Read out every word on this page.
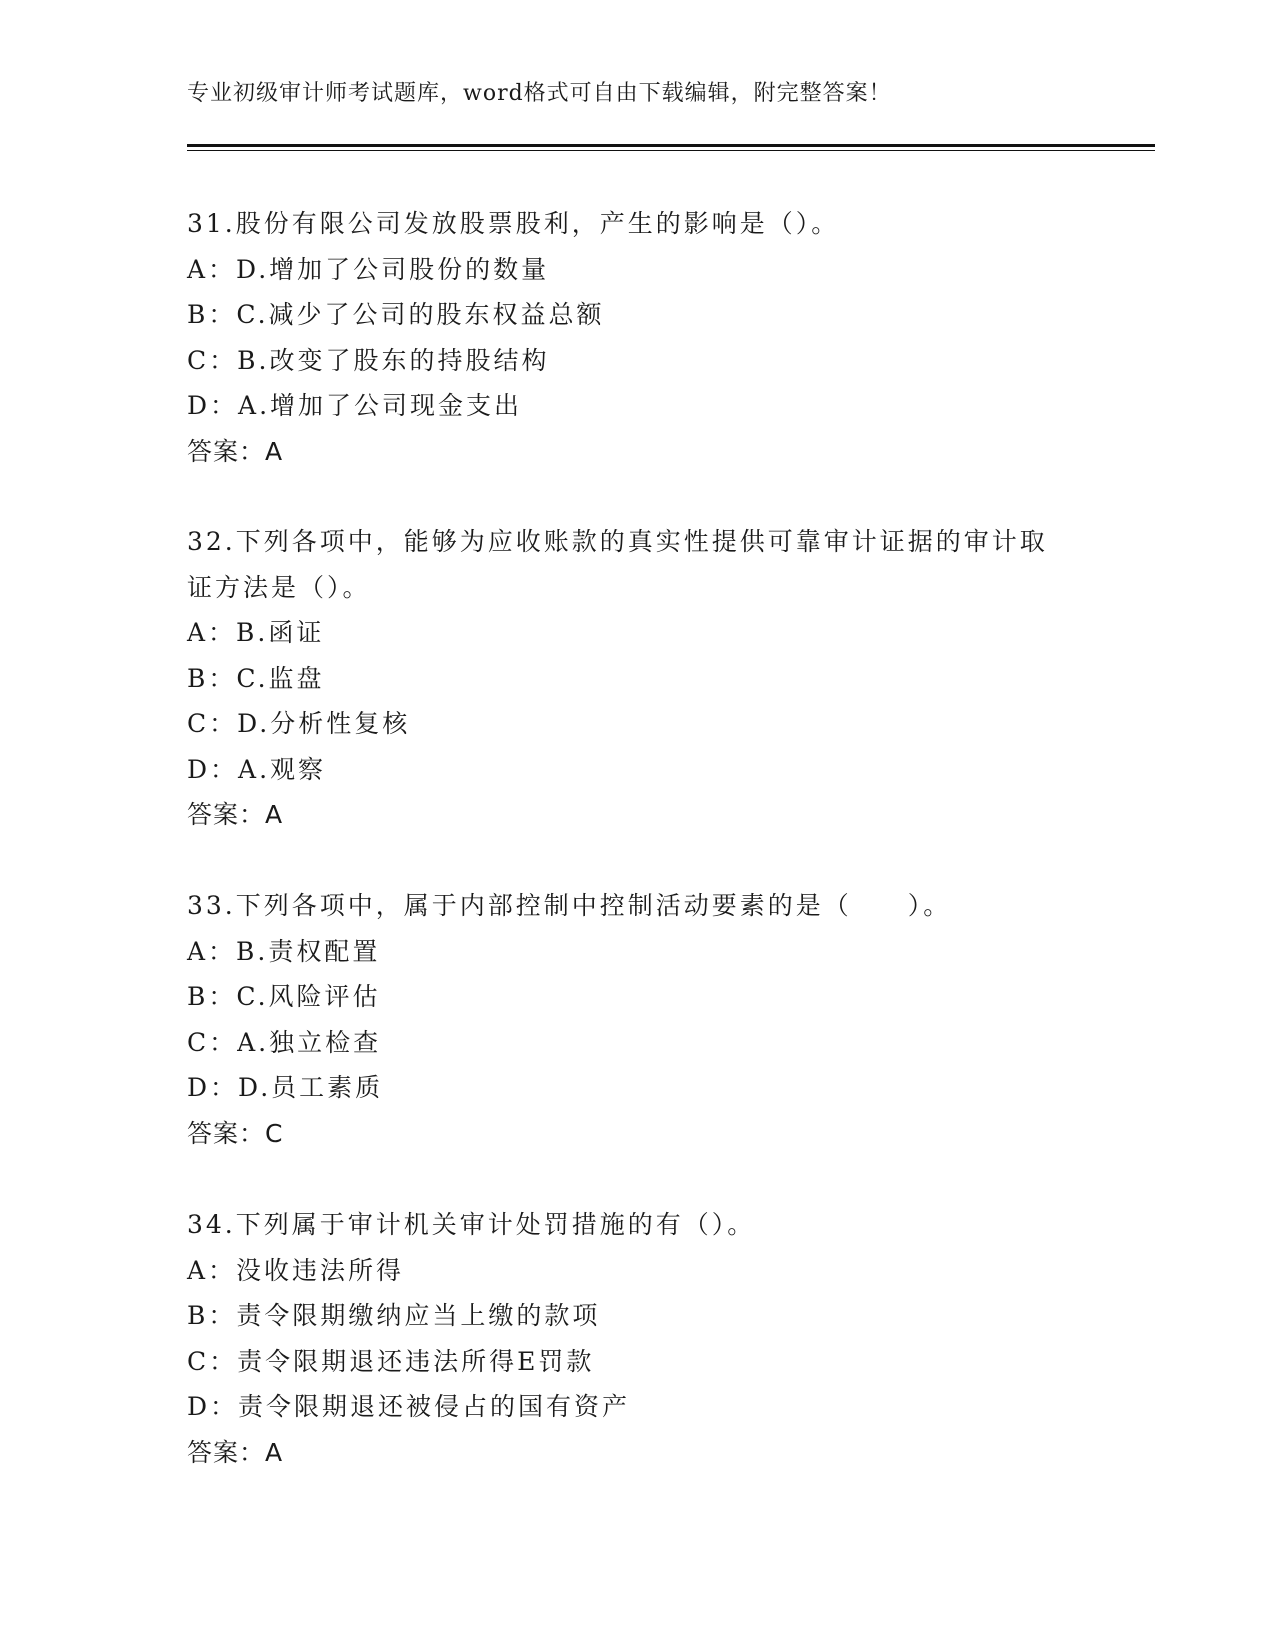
专业初级审计师考试题库，word格式可自由下载编辑，附完整答案！
31.股份有限公司发放股票股利，产生的影响是（）。
A：D.增加了公司股份的数量
B：C.减少了公司的股东权益总额
C：B.改变了股东的持股结构
D：A.增加了公司现金支出
答案：A
32.下列各项中，能够为应收账款的真实性提供可靠审计证据的审计取
证方法是（）。
A：B.函证
B：C.监盘
C：D.分析性复核
D：A.观察
答案：A
33.下列各项中，属于内部控制中控制活动要素的是（　　）。
A：B.责权配置
B：C.风险评估
C：A.独立检查
D：D.员工素质
答案：C
34.下列属于审计机关审计处罚措施的有（）。
A：没收违法所得
B：责令限期缴纳应当上缴的款项
C：责令限期退还违法所得E罚款
D：责令限期退还被侵占的国有资产
答案：A
